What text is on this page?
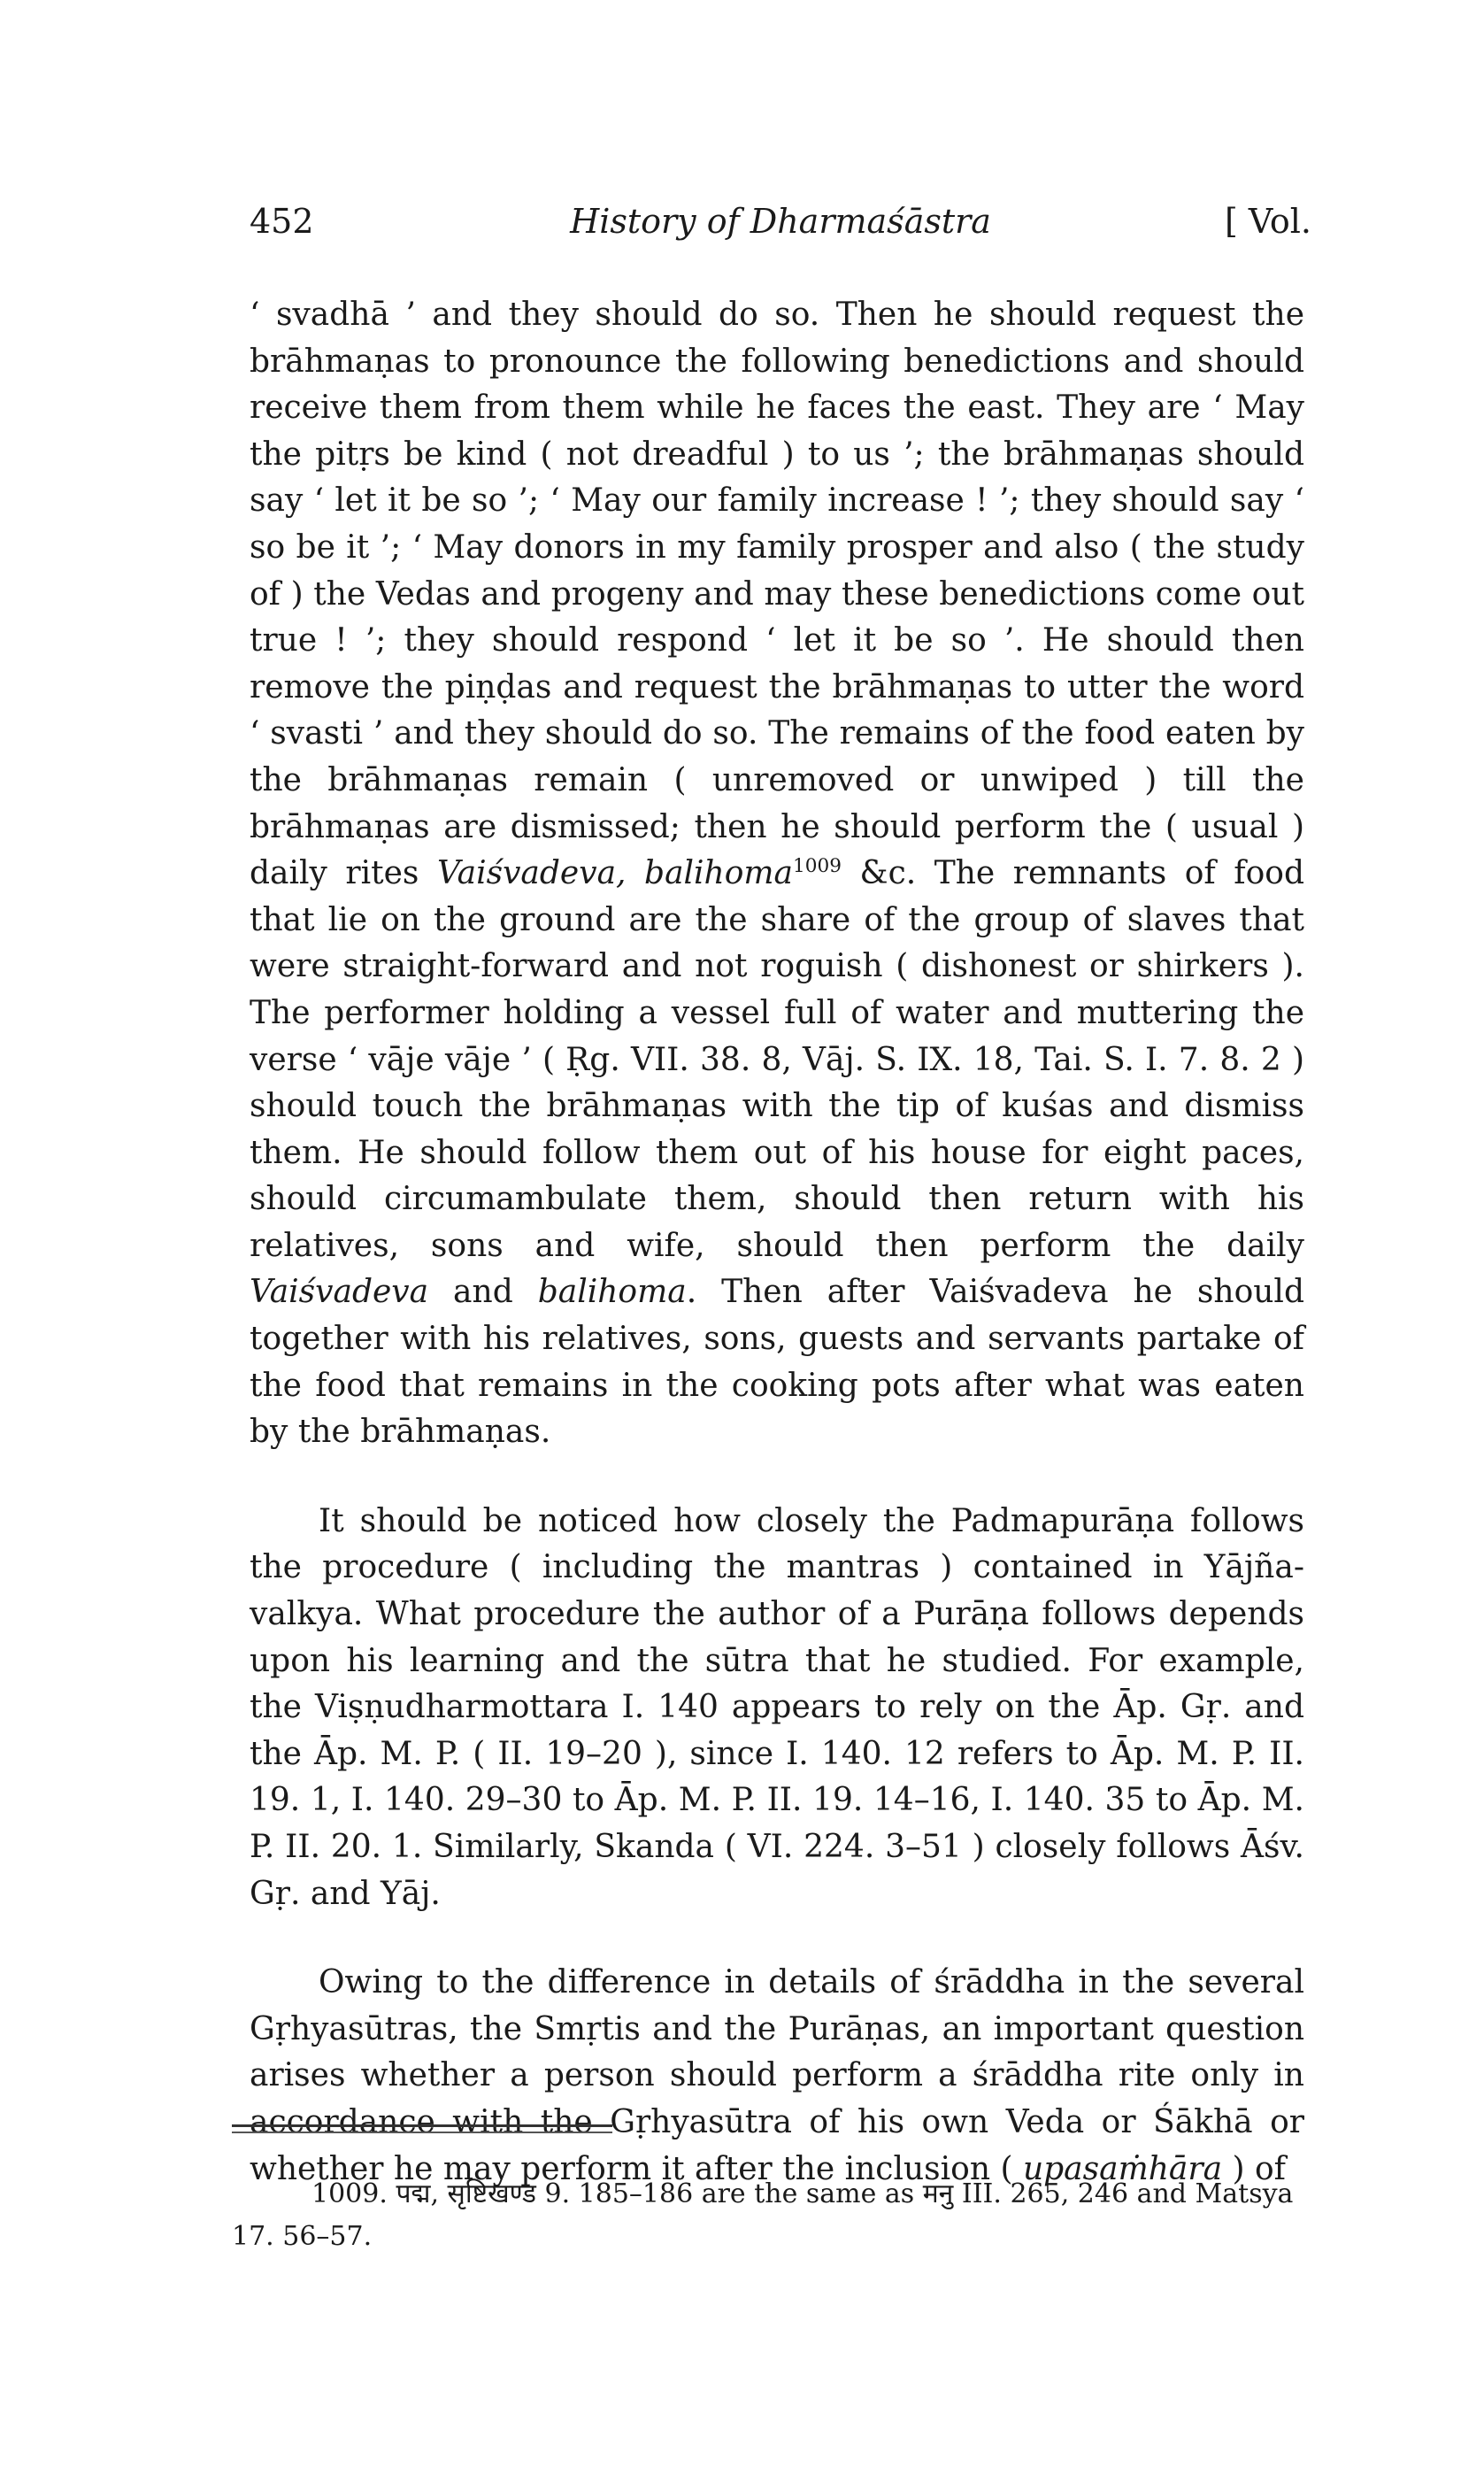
452	History of Dharmaśāstra	[ Vol.

‘ svadhā ’ and they should do so. Then he should request the brāhmaṇas to pronounce the following benedictions and should receive them from them while he faces the east. They are ‘ May the pitṛs be kind ( not dreadful ) to us ’; the brāhmaṇas should say ‘ let it be so ’; ‘ May our family increase ! ’; they should say ‘ so be it ’; ‘ May donors in my family prosper and also ( the study of ) the Vedas and progeny and may these benedictions come out true ! ’; they should respond ‘ let it be so ’. He should then remove the piṇḍas and request the brāhmaṇas to utter the word ‘ svasti ’ and they should do so. The remains of the food eaten by the brāhmaṇas remain ( unremoved or unwiped ) till the brāhmaṇas are dismissed; then he should perform the ( usual ) daily rites Vaiśvadeva, balihoma$^{1009}$ &c. The remnants of food that lie on the ground are the share of the group of slaves that were straight-forward and not roguish ( dishonest or shirkers ). The performer holding a vessel full of water and muttering the verse ‘ vāje vāje ’ ( Ṛg. VII. 38. 8, Vāj. S. IX. 18, Tai. S. I. 7. 8. 2 ) should touch the brāhmaṇas with the tip of kuśas and dismiss them. He should follow them out of his house for eight paces, should circumambulate them, should then return with his relatives, sons and wife, should then perform the daily Vaiśvadeva and balihoma. Then after Vaiśvadeva he should together with his relatives, sons, guests and servants partake of the food that remains in the cooking pots after what was eaten by the brāhmaṇas.

It should be noticed how closely the Padmapurāṇa follows the procedure ( including the mantras ) contained in Yājñavalkya. What procedure the author of a Purāṇa follows depends upon his learning and the sūtra that he studied. For example, the Viṣṇudharmottara I. 140 appears to rely on the Āp. Gṛ. and the Āp. M. P. ( II. 19–20 ), since I. 140. 12 refers to Āp. M. P. II. 19. 1, I. 140. 29–30 to Āp. M. P. II. 19. 14–16, I. 140. 35 to Āp. M. P. II. 20. 1. Similarly, Skanda ( VI. 224. 3–51 ) closely follows Āśv. Gṛ. and Yāj.

Owing to the difference in details of śrāddha in the several Gṛhyasūtras, the Smṛtis and the Purāṇas, an important question arises whether a person should perform a śrāddha rite only in accordance with the Gṛhyasūtra of his own Veda or Śākhā or whether he may perform it after the inclusion ( upasaṁhāra ) of

1009. पद्म, सृष्टिखण्ड 9. 185–186 are the same as मनु III. 265, 246 and Matsya 17. 56–57.
